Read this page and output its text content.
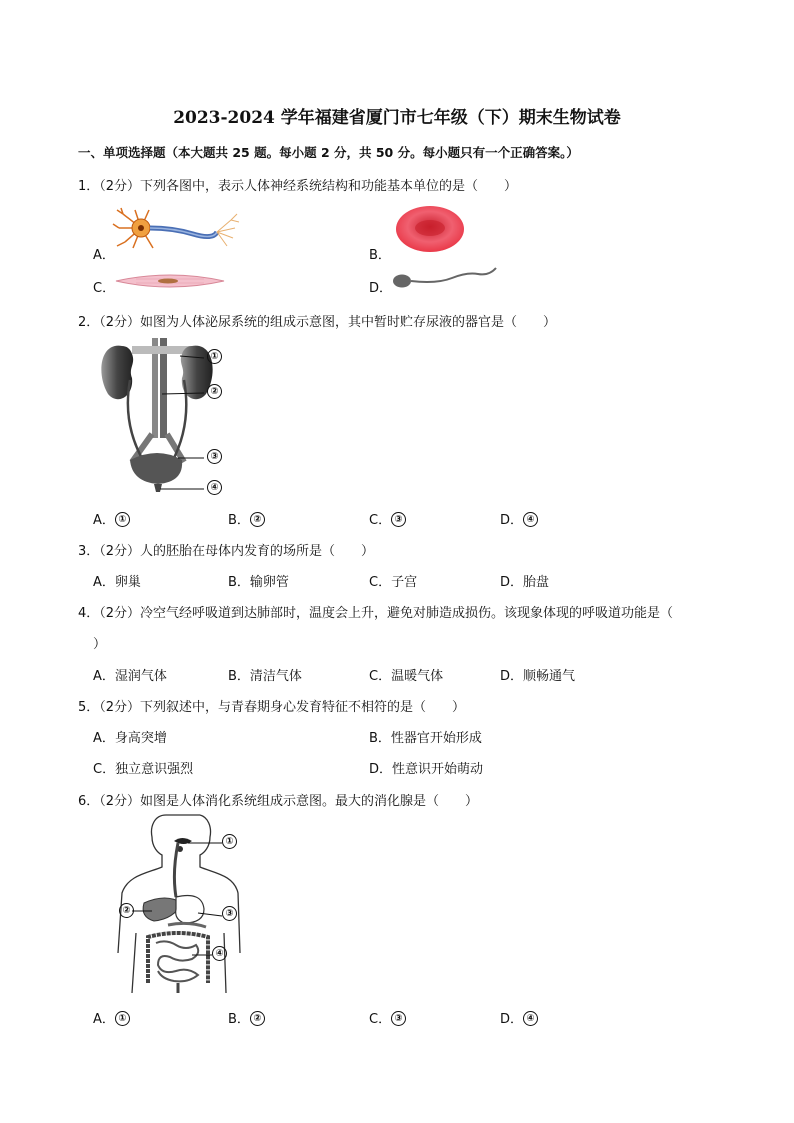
2023-2024 学年福建省厦门市七年级（下）期末生物试卷
一、单项选择题（本大题共 25 题。每小题 2 分，共 50 分。每小题只有一个正确答案。）
1．（2分）下列各图中，表示人体神经系统结构和功能基本单位的是（　　）
A．	B．
C．	D．
2．（2分）如图为人体泌尿系统的组成示意图，其中暂时贮存尿液的器官是（　　）
①
②
③
④
A． ①	B． ②	C． ③	D． ④
3．（2分）人的胚胎在母体内发育的场所是（　　）
A．卵巢	B．输卵管	C．子宫	D．胎盘
4．（2分）冷空气经呼吸道到达肺部时，温度会上升，避免对肺造成损伤。该现象体现的呼吸道功能是（
）
A．湿润气体	B．清洁气体	C．温暖气体	D．顺畅通气
5．（2分）下列叙述中，与青春期身心发育特征不相符的是（　　）
A．身高突增	B．性器官开始形成
C．独立意识强烈	D．性意识开始萌动
6．（2分）如图是人体消化系统组成示意图。最大的消化腺是（　　）
①
②	③
④
A． ①	B． ②	C． ③	D． ④
